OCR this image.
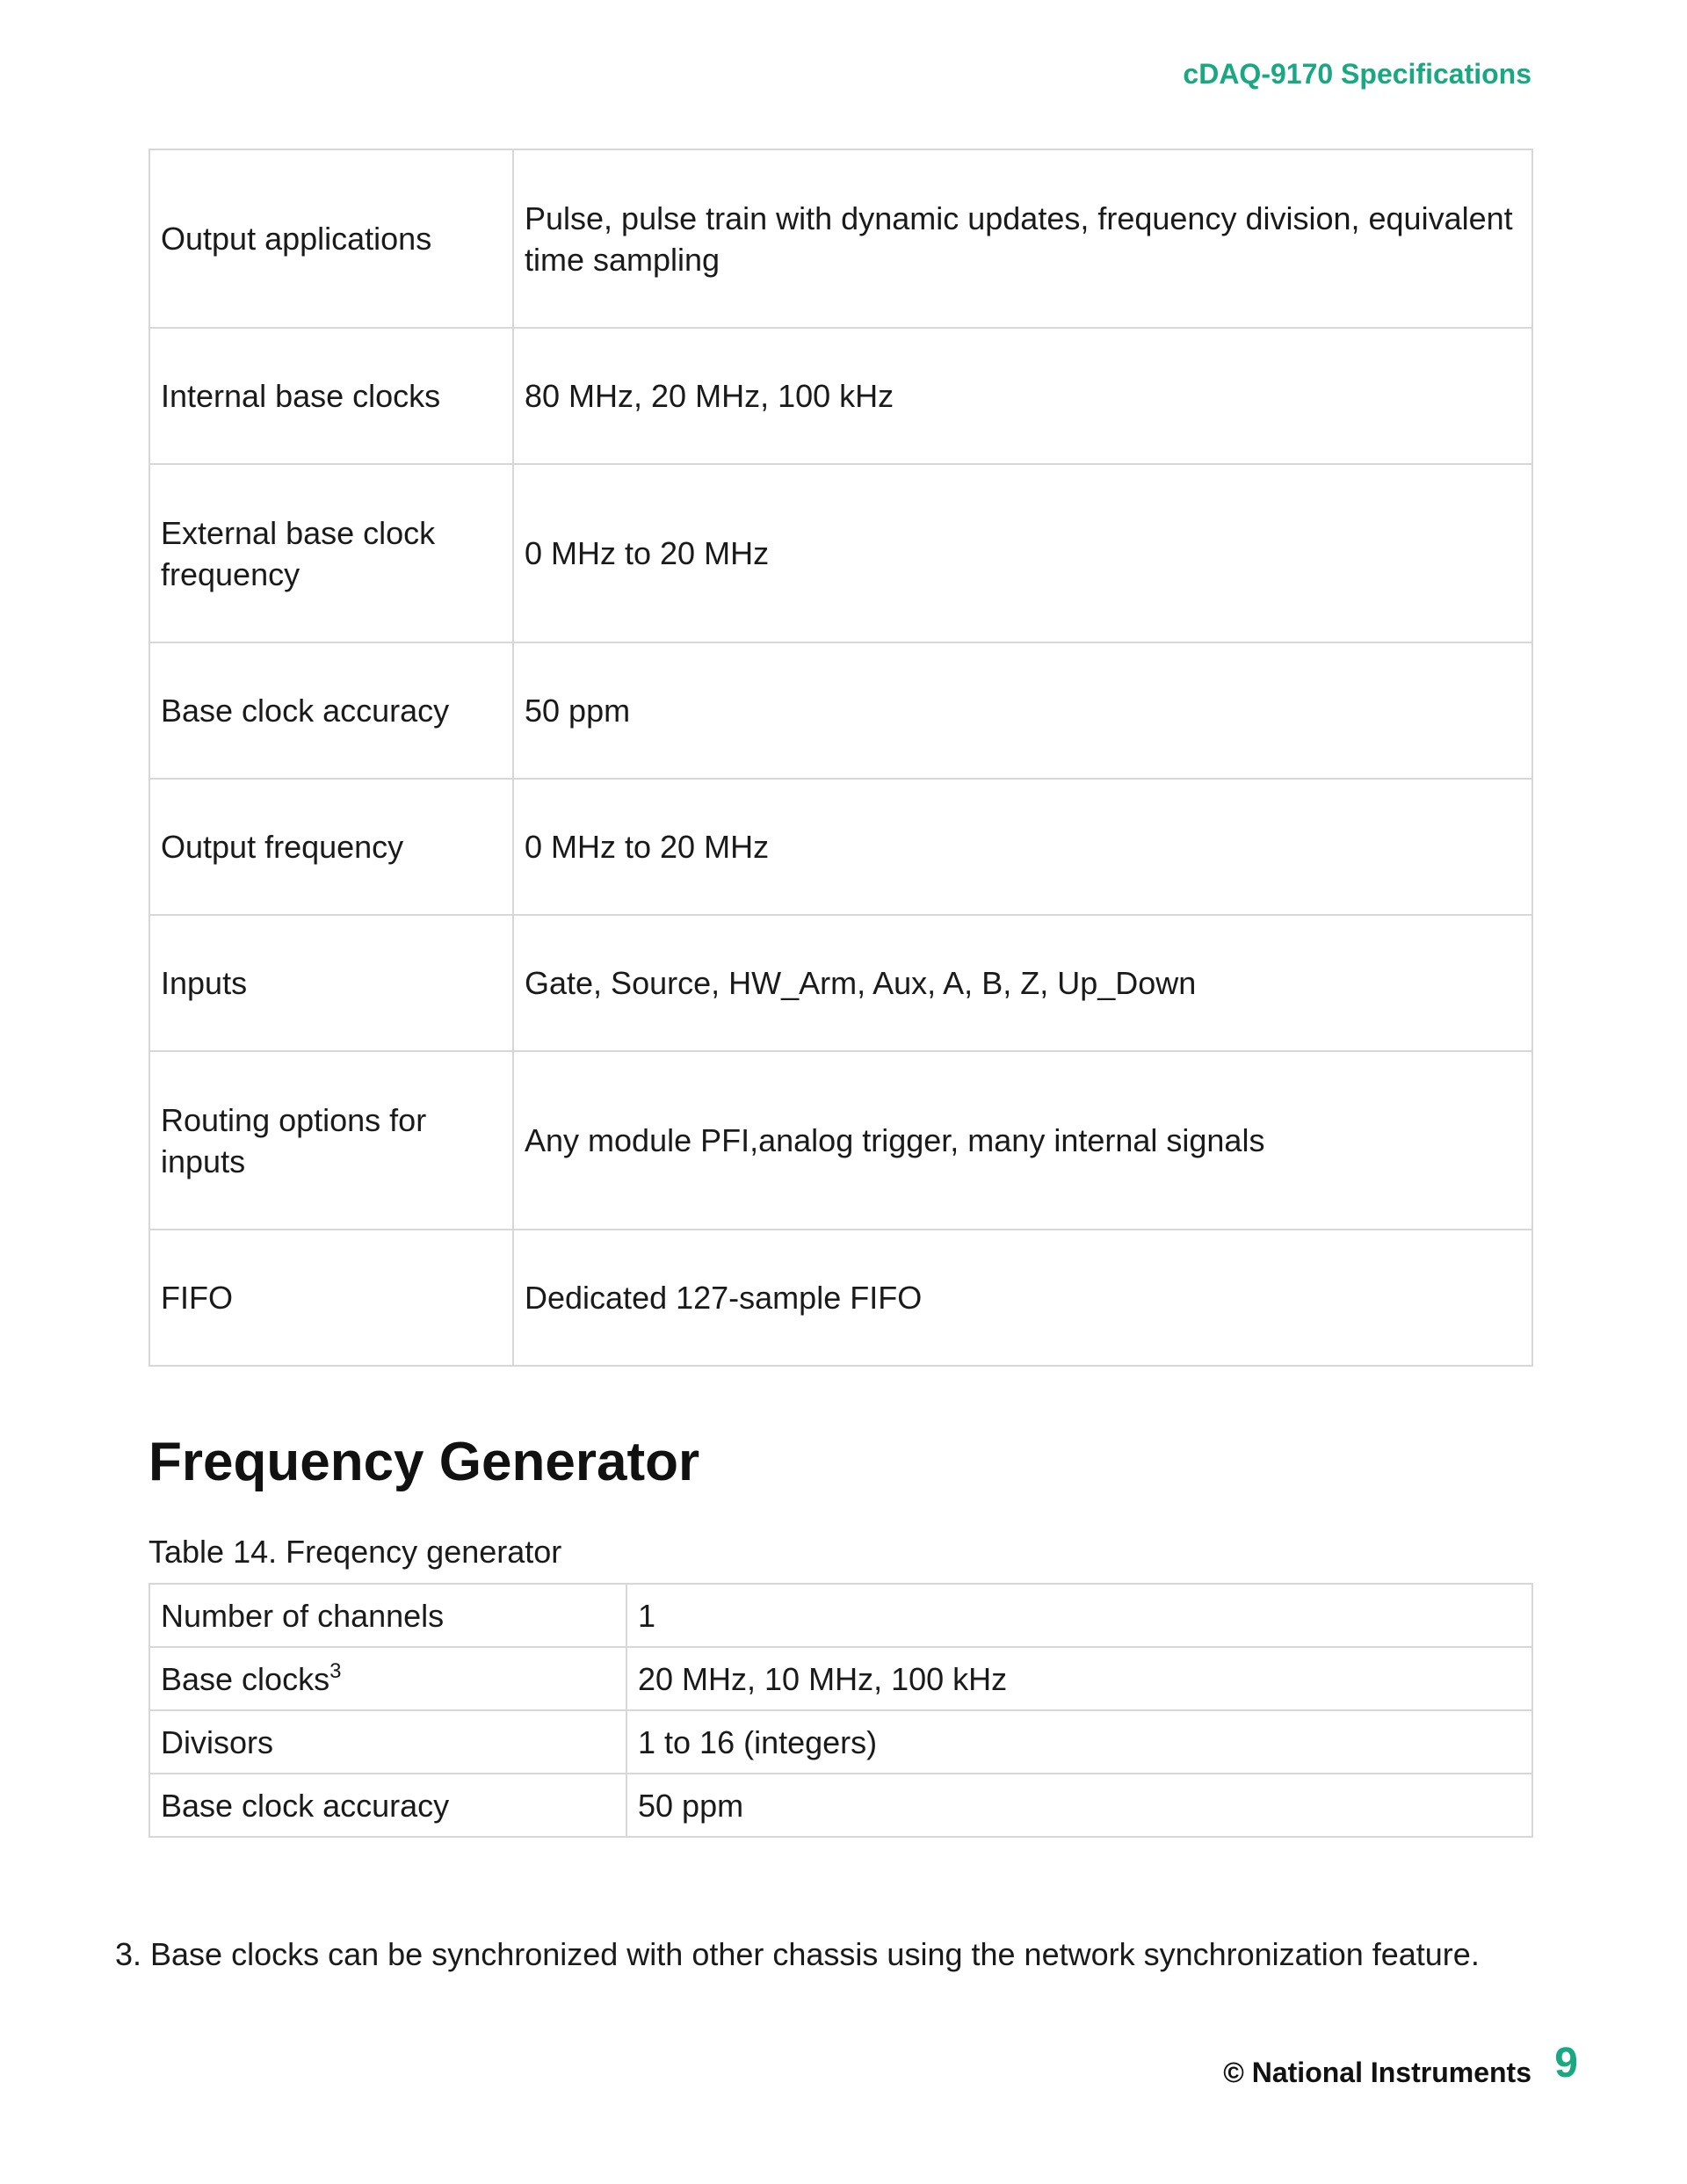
cDAQ-9170 Specifications
Output applications	Pulse, pulse train with dynamic updates, frequency division, equivalent time sampling
Internal base clocks	80 MHz, 20 MHz, 100 kHz
External base clock frequency	0 MHz to 20 MHz
Base clock accuracy	50 ppm
Output frequency	0 MHz to 20 MHz
Inputs	Gate, Source, HW_Arm, Aux, A, B, Z, Up_Down
Routing options for inputs	Any module PFI,analog trigger, many internal signals
FIFO	Dedicated 127-sample FIFO
Frequency Generator
Table 14. Freqency generator
Number of channels	1
Base clocks$^3$	20 MHz, 10 MHz, 100 kHz
Divisors	1 to 16 (integers)
Base clock accuracy	50 ppm
3. Base clocks can be synchronized with other chassis using the network synchronization feature.
© National Instruments 9
